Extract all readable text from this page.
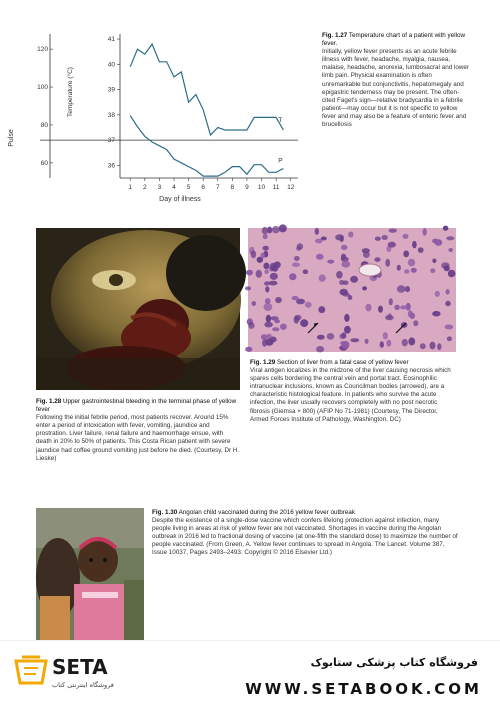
41
40
39
38
37
36
120
100
80
60
1 2 3 4 5 6 7 8 9 10 11 12
T
P
Day of illness
Pulse
Temperature (°C)
Fig. 1.27 Temperature chart of a patient with yellow fever.
Initially, yellow fever presents as an acute febrile illness with fever, headache, myalgia, nausea, malaise, headache, anorexia, lumbosacral and lower limb pain. Physical examination is often unremarkable but conjunctivitis, hepatomegaly and epigastric tenderness may be present. The often-cited Faget's sign—relative bradycardia in a febrile patient—may occur but it is not specific to yellow fever and may also be a feature of enteric fever and brucellosis
Fig. 1.29 Section of liver from a fatal case of yellow fever
Viral antigen localizes in the midzone of the liver causing necrosis which spares cells bordering the central vein and portal tract. Eosinophilic intranuclear inclusions, known as Councilman bodies (arrowed), are a characteristic histological feature. In patients who survive the acute infection, the liver usually recovers completely with no post necrotic fibrosis (Giemsa × 800) (AFIP No 71-1981) (Courtesy, The Director, Armed Forces Institute of Pathology, Washington, DC)
Fig. 1.28 Upper gastrointestinal bleeding in the terminal phase of yellow fever
Following the initial febrile period, most patients recover. Around 15% enter a period of intoxication with fever, vomiting, jaundice and prostration. Liver failure, renal failure and haemorrhage ensue, with death in 20% to 50% of patients. This Costa Rican patient with severe jaundice had coffee ground vomiting just before he died. (Courtesy, Dr H. Lieske)
Fig. 1.30 Angolan child vaccinated during the 2016 yellow fever outbreak
Despite the existence of a single-dose vaccine which confers lifelong protection against infection, many people living in areas at risk of yellow fever are not vaccinated. Shortages in vaccine during the Angolan outbreak in 2016 led to fractional dosing of vaccine (at one-fifth the standard dose) to maximize the number of people vaccinated. (From Green, A. Yellow fever continues to spread in Angola. The Lancet. Volume 387, Issue 10037, Pages 2493–2493. Copyright © 2016 Elsevier Ltd.)
SETA
فروشگاه اینترنتی کتاب
فروشگاه کتاب پزشکی ستابوک
WWW.SETABOOK.COM
